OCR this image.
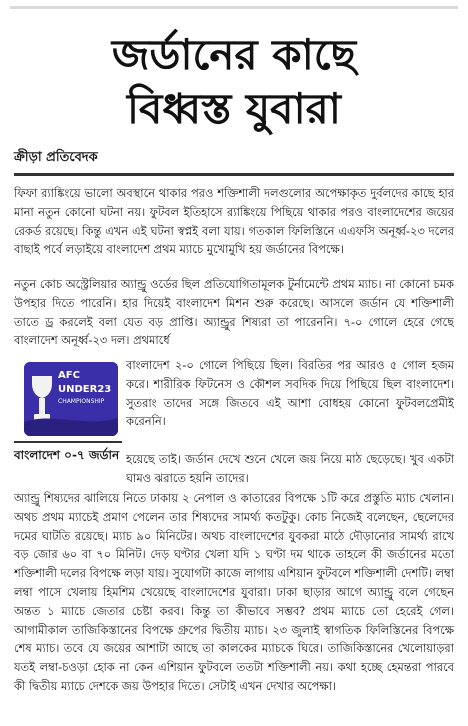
জর্ডানের কাছে
বিধ্বস্ত যুবারা
ক্রীড়া প্রতিবেদক
ফিফা র‍্যাঙ্কিংয়ে ভালো অবস্থানে থাকার পরও শক্তিশালী দলগুলোর অপেক্ষাকৃত দুর্বলদের কাছে হার মানা নতুন কোনো ঘটনা নয়। ফুটবল ইতিহাসে র‍্যাঙ্কিংয়ে পিছিয়ে থাকার পরও বাংলাদেশের জয়ের রেকর্ড রয়েছে। কিন্তু এখন এই ঘটনা স্বপ্নই বলা যায়। গতকাল ফিলিস্তিনে এএফসি অনূর্ধ্ব-২৩ দলের বাছাই পর্বে লড়াইয়ে বাংলাদেশ প্রথম ম্যাচে মুখোমুখি হয় জর্ডানের বিপক্ষে।
নতুন কোচ অস্ট্রেলিয়ার অ্যান্ড্রু ওর্ডের ছিল প্রতিযোগিতামূলক টুর্নামেন্টে প্রথম ম্যাচ। না কোনো চমক উপহার দিতে পারেনি। হার দিয়েই বাংলাদেশ মিশন শুরু করেছে। আসলে জর্ডান যে শক্তিশালী তাতে ড্র করলেই বলা যেত বড় প্রাপ্তি। অ্যান্ড্রুর শিষ্যরা তা পারেননি। ৭-০ গোলে হেরে গেছে বাংলাদেশ অনূর্ধ্ব-২৩ দল। প্রথমার্ধে
AFC
UNDER23
CHAMPIONSHIP
বাংলাদেশ ২-০ গোলে পিছিয়ে ছিল। বিরতির পর আরও ৫ গোল হজম করে। শারীরিক ফিটনেস ও কৌশল সবদিক দিয়ে পিছিয়ে ছিল বাংলাদেশ। সুতরাং তাদের সঙ্গে জিতবে এই আশা বোধহয় কোনো ফুটবলপ্রেমীই করেননি।
বাংলাদেশ ০-৭ জর্ডান হয়েছে তাই। জর্ডান দেখে শুনে খেলে জয় নিয়ে মাঠ ছেড়েছে। খুব একটা ঘামও ঝরাতে হয়নি তাদের।
অ্যান্ড্রু শিষ্যদের ঝালিয়ে নিতে ঢাকায় ২ নেপাল ও কাতারের বিপক্ষে ১টি করে প্রস্তুতি ম্যাচ খেলান। অথচ প্রথম ম্যাচেই প্রমাণ পেলেন তার শিষ্যদের সামর্থ্য কতটুকু। কোচ নিজেই বলেছেন, ছেলেদের দমের ঘাটতি রয়েছে। ম্যাচ ৯০ মিনিটের। অথচ বাংলাদেশের যুবকরা মাঠে দৌড়ানোর সামর্থ্য রাখে বড় জোর ৬০ বা ৭০ মিনিট। দেড় ঘণ্টার খেলা যদি ১ ঘণ্টা দম থাকে তাহলে কী জর্ডানের মতো শক্তিশালী দলের বিপক্ষে লড়া যায়। সুযোগটা কাজে লাগায় এশিয়ান ফুটবলে শক্তিশালী দেশটি। লম্বা লম্বা পাসে খেলায় হিমশিম খেয়েছে বাংলাদেশের যুবারা। ঢাকা ছাড়ার আগে অ্যান্ড্রু বলে গেছেন অন্তত ১ ম্যাচে জেতার চেষ্টা করব। কিন্তু তা কীভাবে সম্ভব? প্রথম ম্যাচে তো হেরেই গেল। আগামীকাল তাজিকিস্তানের বিপক্ষে গ্রুপের দ্বিতীয় ম্যাচ। ২৩ জুলাই স্বাগতিক ফিলিস্তিনের বিপক্ষে শেষ ম্যাচ। তবে যে জয়ের আশাটা আছে তা কালকের ম্যাচকে ঘিরে। তাজিকিস্তানের খেলোয়াড়রা যতই লম্বা-চওড়া হোক না কেন এশিয়ান ফুটবলে ততটা শক্তিশালী নয়। কথা হচ্ছে হেমন্তরা পারবে কী দ্বিতীয় ম্যাচে দেশকে জয় উপহার দিতে। সেটাই এখন দেখার অপেক্ষা।
